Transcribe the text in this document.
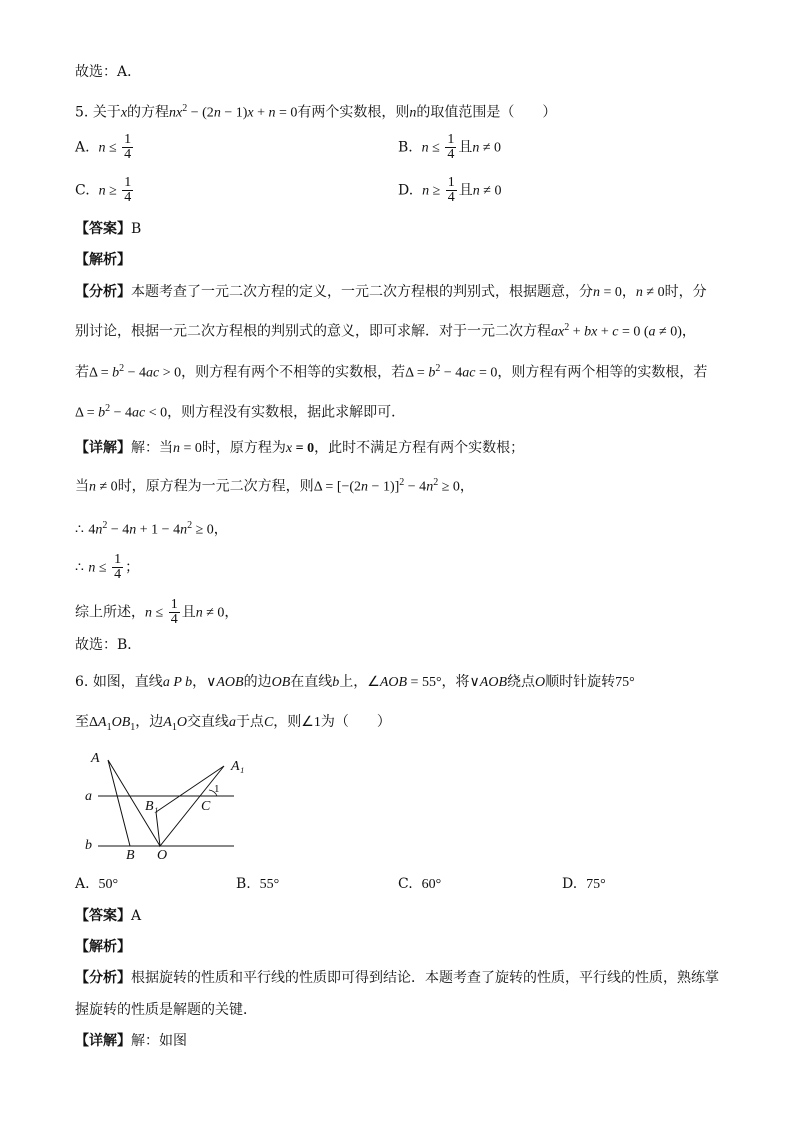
故选：A．
5. 关于x的方程$nx^2 - (2n - 1)x + n = 0$有两个实数根，则n的取值范围是（　　）
A. $n \le \frac{1}{4}$	B. $n \le \frac{1}{4}$ 且n ≠ 0
C. $n \ge \frac{1}{4}$	D. $n \ge \frac{1}{4}$ 且n ≠ 0
【答案】B
【解析】
【分析】本题考查了一元二次方程的定义，一元二次方程根的判别式，根据题意，分n = 0，n ≠ 0时，分
别讨论，根据一元二次方程根的判别式的意义，即可求解．对于一元二次方程$ax^2$ + bx + c = 0 (a ≠ 0)，
若$\Delta = b^2 - 4ac > 0$，则方程有两个不相等的实数根，若$\Delta = b^2 - 4ac = 0$，则方程有两个相等的实数根，若
$\Delta = b^2 - 4ac < 0$，则方程没有实数根，据此求解即可．
【详解】解：当n = 0时，原方程为x = 0，此时不满足方程有两个实数根；
当n ≠ 0时，原方程为一元二次方程，则$\Delta = [-(2n - 1)]^2 - 4n^2 \ge 0$，
∴ $4n^2 - 4n + 1 - 4n^2 \ge 0$，
∴ $n \le \frac{1}{4}$ ；
综上所述，$n \le \frac{1}{4}$ 且n ≠ 0，
故选：B．
6. 如图，直线a P b，∨AOB的边OB在直线b上，∠AOB = 55°，将∨AOB绕点O顺时针旋转75°
至$\Delta A_1OB_1$，边$A_1O$交直线a于点C，则∠1为（　　）
A
A₁
a
b
B
B₁	C
O
1
A. 50°	B. 55°	C. 60°	D. 75°
【答案】A
【解析】
【分析】根据旋转的性质和平行线的性质即可得到结论．本题考查了旋转的性质，平行线的性质，熟练掌
握旋转的性质是解题的关键．
【详解】解：如图
